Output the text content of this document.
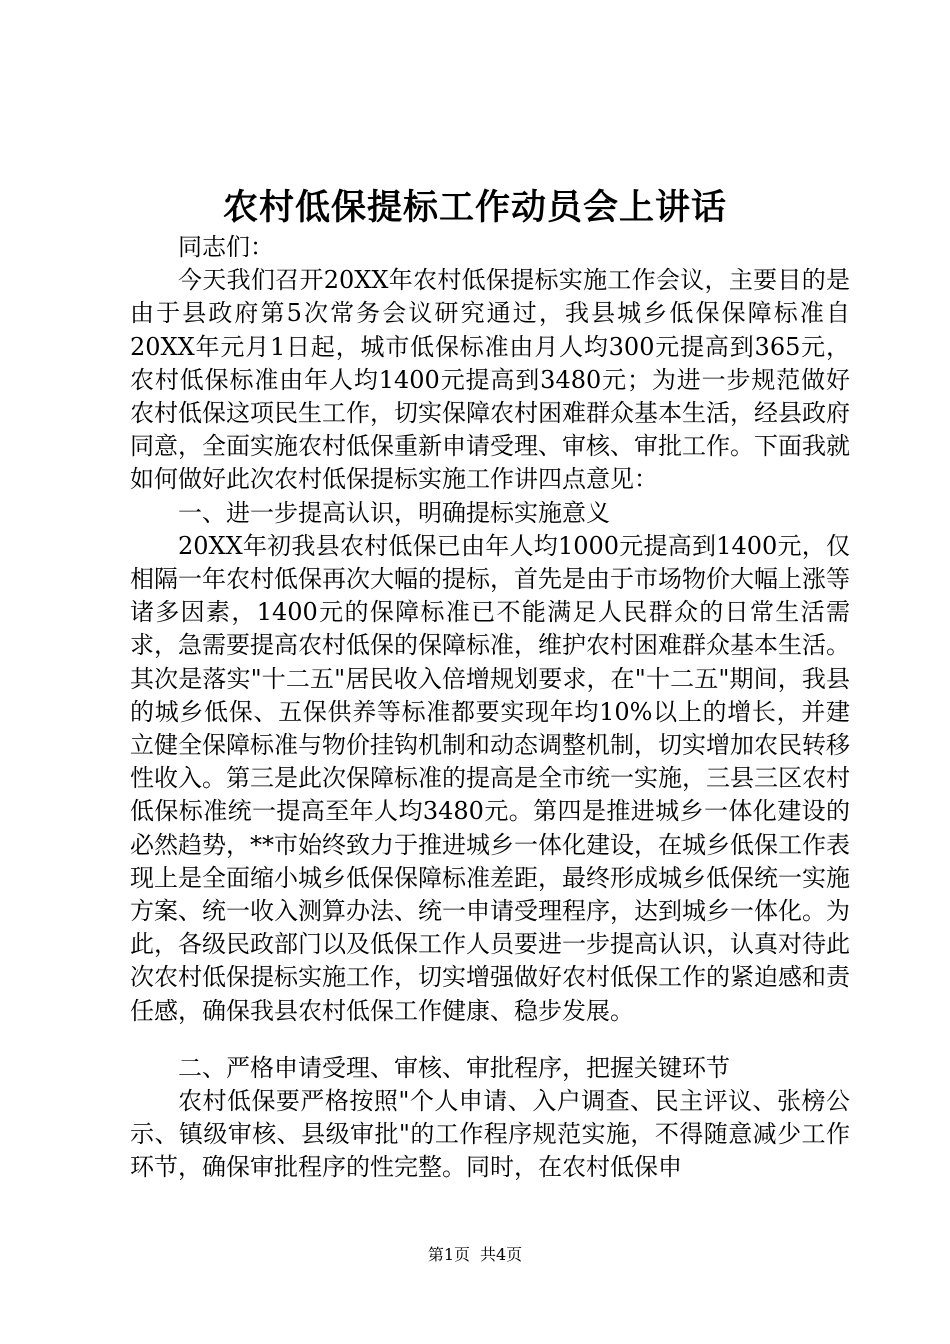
农村低保提标工作动员会上讲话

同志们：

今天我们召开20XX年农村低保提标实施工作会议，主要目的是由于县政府第5次常务会议研究通过，我县城乡低保保障标准自20XX年元月1日起，城市低保标准由月人均300元提高到365元，农村低保标准由年人均1400元提高到3480元；为进一步规范做好农村低保这项民生工作，切实保障农村困难群众基本生活，经县政府同意，全面实施农村低保重新申请受理、审核、审批工作。下面我就如何做好此次农村低保提标实施工作讲四点意见：

一、进一步提高认识，明确提标实施意义

20XX年初我县农村低保已由年人均1000元提高到1400元，仅相隔一年农村低保再次大幅的提标，首先是由于市场物价大幅上涨等诸多因素，1400元的保障标准已不能满足人民群众的日常生活需求，急需要提高农村低保的保障标准，维护农村困难群众基本生活。其次是落实"十二五"居民收入倍增规划要求，在"十二五"期间，我县的城乡低保、五保供养等标准都要实现年均10%以上的增长，并建立健全保障标准与物价挂钩机制和动态调整机制，切实增加农民转移性收入。第三是此次保障标准的提高是全市统一实施，三县三区农村低保标准统一提高至年人均3480元。第四是推进城乡一体化建设的必然趋势，**市始终致力于推进城乡一体化建设，在城乡低保工作表现上是全面缩小城乡低保保障标准差距，最终形成城乡低保统一实施方案、统一收入测算办法、统一申请受理程序，达到城乡一体化。为此，各级民政部门以及低保工作人员要进一步提高认识，认真对待此次农村低保提标实施工作，切实增强做好农村低保工作的紧迫感和责任感，确保我县农村低保工作健康、稳步发展。

二、严格申请受理、审核、审批程序，把握关键环节

农村低保要严格按照"个人申请、入户调查、民主评议、张榜公示、镇级审核、县级审批"的工作程序规范实施，不得随意减少工作环节，确保审批程序的性完整。同时，在农村低保申

第1页 共4页
